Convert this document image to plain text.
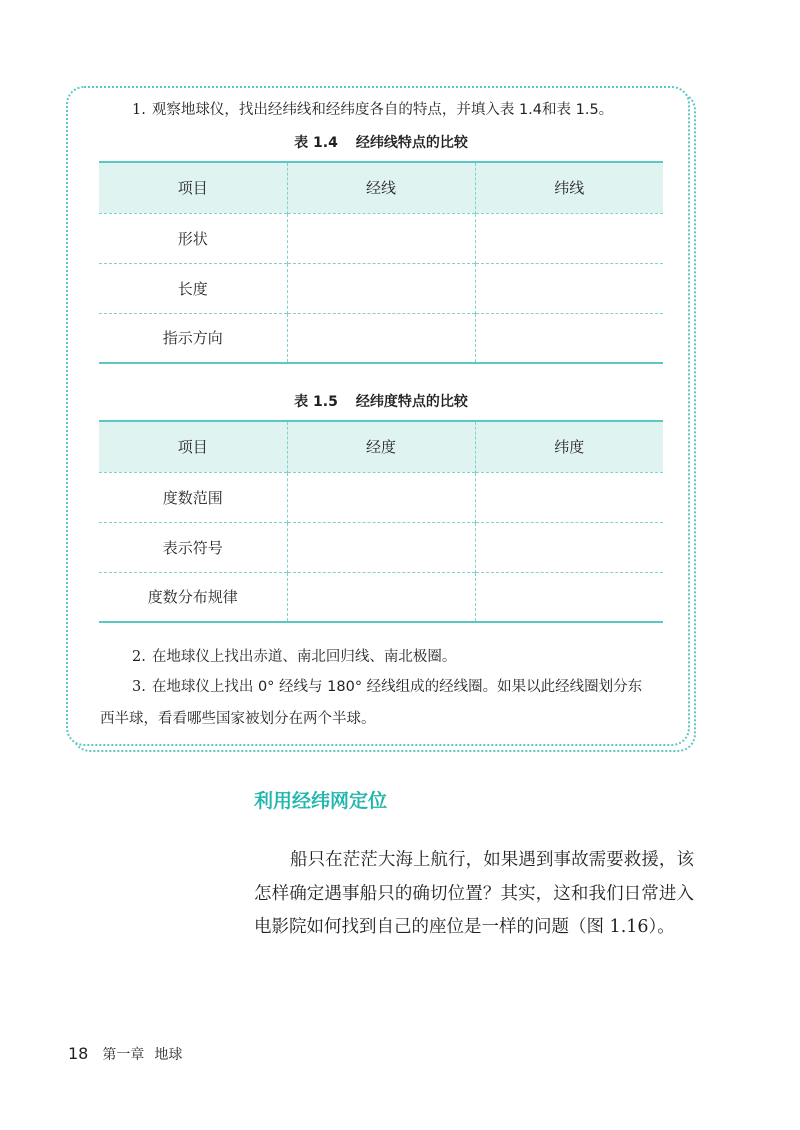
1. 观察地球仪，找出经纬线和经纬度各自的特点，并填入表 1.4和表 1.5。
表 1.4 经纬线特点的比较
项目	经线	纬线
形状		
长度		
指示方向		
表 1.5 经纬度特点的比较
项目	经度	纬度
度数范围		
表示符号		
度数分布规律		
2. 在地球仪上找出赤道、南北回归线、南北极圈。
3. 在地球仪上找出 0° 经线与 180° 经线组成的经线圈。如果以此经线圈划分东
西半球，看看哪些国家被划分在两个半球。
利用经纬网定位
船只在茫茫大海上航行，如果遇到事故需要救援，该怎样确定遇事船只的确切位置？其实，这和我们日常进入电影院如何找到自己的座位是一样的问题（图 1.16）。
18 第一章 地球
